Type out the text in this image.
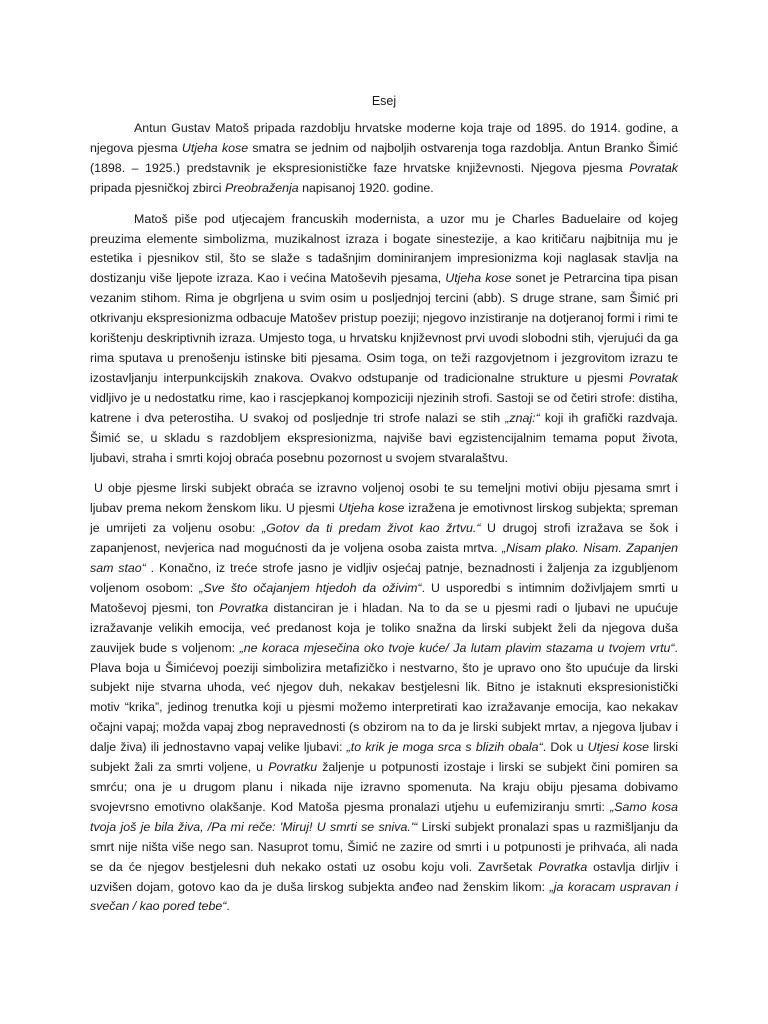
Esej

Antun Gustav Matoš pripada razdoblju hrvatske moderne koja traje od 1895. do 1914. godine, a njegova pjesma Utjeha kose smatra se jednim od najboljih ostvarenja toga razdoblja. Antun Branko Šimić (1898. – 1925.) predstavnik je ekspresionističke faze hrvatske književnosti. Njegova pjesma Povratak pripada pjesničkoj zbirci Preobraženja napisanoj 1920. godine.

Matoš piše pod utjecajem francuskih modernista, a uzor mu je Charles Baduelaire od kojeg preuzima elemente simbolizma, muzikalnost izraza i bogate sinestezije, a kao kritičaru najbitnija mu je estetika i pjesnikov stil, što se slaže s tadašnjim dominiranjem impresionizma koji naglasak stavlja na dostizanju više ljepote izraza. Kao i većina Matoševih pjesama, Utjeha kose sonet je Petrarcina tipa pisan vezanim stihom. Rima je obgrljena u svim osim u posljednjoj tercini (abb). S druge strane, sam Šimić pri otkrivanju ekspresionizma odbacuje Matošev pristup poeziji; njegovo inzistiranje na dotjeranoj formi i rimi te korištenju deskriptivnih izraza. Umjesto toga, u hrvatsku književnost prvi uvodi slobodni stih, vjerujući da ga rima sputava u prenošenju istinske biti pjesama. Osim toga, on teži razgovjetnom i jezgrovitom izrazu te izostavljanju interpunkcijskih znakova. Ovakvo odstupanje od tradicionalne strukture u pjesmi Povratak vidljivo je u nedostatku rime, kao i rascjepkanoj kompoziciji njezinih strofi. Sastoji se od četiri strofe: distiha, katrene i dva peterostiha. U svakoj od posljednje tri strofe nalazi se stih „znaj:“ koji ih grafički razdvaja. Šimić se, u skladu s razdobljem ekspresionizma, najviše bavi egzistencijalnim temama poput života, ljubavi, straha i smrti kojoj obraća posebnu pozornost u svojem stvaralaštvu.

U obje pjesme lirski subjekt obraća se izravno voljenoj osobi te su temeljni motivi obiju pjesama smrt i ljubav prema nekom ženskom liku. U pjesmi Utjeha kose izražena je emotivnost lirskog subjekta; spreman je umrijeti za voljenu osobu: „Gotov da ti predam život kao žrtvu.“ U drugoj strofi izražava se šok i zapanjenost, nevjerica nad mogućnosti da je voljena osoba zaista mrtva. „Nisam plako. Nisam. Zapanjen sam stao“ . Konačno, iz treće strofe jasno je vidljiv osjećaj patnje, beznadnosti i žaljenja za izgubljenom voljenom osobom: „Sve što očajanjem htjedoh da oživim“. U usporedbi s intimnim doživljajem smrti u Matoševoj pjesmi, ton Povratka distanciran je i hladan. Na to da se u pjesmi radi o ljubavi ne upućuje izražavanje velikih emocija, već predanost koja je toliko snažna da lirski subjekt želi da njegova duša zauvijek bude s voljenom: „ne koraca mjesečina oko tvoje kuće/ Ja lutam plavim stazama u tvojem vrtu“. Plava boja u Šimićevoj poeziji simbolizira metafizičko i nestvarno, što je upravo ono što upućuje da lirski subjekt nije stvarna uhoda, već njegov duh, nekakav bestjelesni lik. Bitno je istaknuti ekspresionistički motiv “krika”, jedinog trenutka koji u pjesmi možemo interpretirati kao izražavanje emocija, kao nekakav očajni vapaj; možda vapaj zbog nepravednosti (s obzirom na to da je lirski subjekt mrtav, a njegova ljubav i dalje živa) ili jednostavno vapaj velike ljubavi: „to krik je moga srca s blizih obala“. Dok u Utjesi kose lirski subjekt žali za smrti voljene, u Povratku žaljenje u potpunosti izostaje i lirski se subjekt čini pomiren sa smrću; ona je u drugom planu i nikada nije izravno spomenuta. Na kraju obiju pjesama dobivamo svojevrsno emotivno olakšanje. Kod Matoša pjesma pronalazi utjehu u eufemiziranju smrti: „Samo kosa tvoja još je bila živa, /Pa mi reče: 'Miruj! U smrti se sniva.'“ Lirski subjekt pronalazi spas u razmišljanju da smrt nije ništa više nego san. Nasuprot tomu, Šimić ne zazire od smrti i u potpunosti je prihvaća, ali nada se da će njegov bestjelesni duh nekako ostati uz osobu koju voli. Završetak Povratka ostavlja dirljiv i uzvišen dojam, gotovo kao da je duša lirskog subjekta anđeo nad ženskim likom: „ja koracam uspravan i svečan / kao pored tebe“.
